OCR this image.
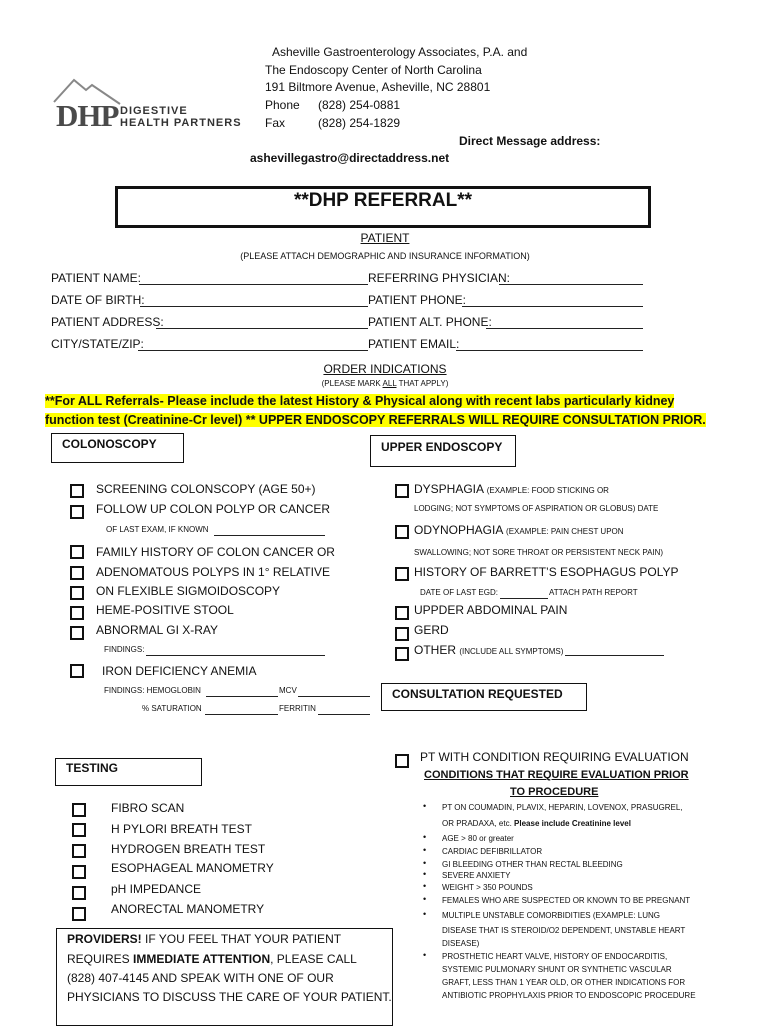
DHP DIGESTIVE
HEALTH PARTNERS
Asheville Gastroenterology Associates, P.A. and
The Endoscopy Center of North Carolina
191 Biltmore Avenue, Asheville, NC 28801
Phone (828) 254-0881
Fax	(828) 254-1829
Direct Message address:
ashevillegastro@directaddress.net
**DHP REFERRAL**
PATIENT
(PLEASE ATTACH DEMOGRAPHIC AND INSURANCE INFORMATION)
PATIENT NAME:	REFERRING PHYSICIAN:
DATE OF BIRTH:	PATIENT PHONE:
PATIENT ADDRESS:	PATIENT ALT. PHONE:
CITY/STATE/ZIP:	PATIENT EMAIL:
ORDER INDICATIONS
(PLEASE MARK ALL THAT APPLY)
**For ALL Referrals- Please include the latest History & Physical along with recent labs particularly kidney
function test (Creatinine-Cr level) ** UPPER ENDOSCOPY REFERRALS WILL REQUIRE CONSULTATION PRIOR.
COLONOSCOPY
SCREENING COLONSCOPY (AGE 50+)
FOLLOW UP COLON POLYP OR CANCER
OF LAST EXAM, IF KNOWN
FAMILY HISTORY OF COLON CANCER OR
ADENOMATOUS POLYPS IN 1° RELATIVE
ON FLEXIBLE SIGMOIDOSCOPY
HEME-POSITIVE STOOL
ABNORMAL GI X-RAY
FINDINGS:
IRON DEFICIENCY ANEMIA
FINDINGS: HEMOGLOBIN	MCV
% SATURATION	FERRITIN
UPPER ENDOSCOPY
DYSPHAGIA (EXAMPLE: FOOD STICKING OR
LODGING; NOT SYMPTOMS OF ASPIRATION OR GLOBUS) DATE
ODYNOPHAGIA (EXAMPLE: PAIN CHEST UPON
SWALLOWING; NOT SORE THROAT OR PERSISTENT NECK PAIN)
HISTORY OF BARRETT’S ESOPHAGUS POLYP
DATE OF LAST EGD:	ATTACH PATH REPORT
UPPDER ABDOMINAL PAIN
GERD
OTHER (INCLUDE ALL SYMPTOMS)
CONSULTATION REQUESTED
PT WITH CONDITION REQUIRING EVALUATION
CONDITIONS THAT REQUIRE EVALUATION PRIOR
TO PROCEDURE
• PT ON COUMADIN, PLAVIX, HEPARIN, LOVENOX, PRASUGREL,
OR PRADAXA, etc. Please include Creatinine level
• AGE > 80 or greater
• CARDIAC DEFIBRILLATOR
• GI BLEEDING OTHER THAN RECTAL BLEEDING
• SEVERE ANXIETY
• WEIGHT > 350 POUNDS
• FEMALES WHO ARE SUSPECTED OR KNOWN TO BE PREGNANT
• MULTIPLE UNSTABLE COMORBIDITIES (EXAMPLE: LUNG
DISEASE THAT IS STEROID/O2 DEPENDENT, UNSTABLE HEART
DISEASE)
• PROSTHETIC HEART VALVE, HISTORY OF ENDOCARDITIS,
SYSTEMIC PULMONARY SHUNT OR SYNTHETIC VASCULAR
GRAFT, LESS THAN 1 YEAR OLD, OR OTHER INDICATIONS FOR
ANTIBIOTIC PROPHYLAXIS PRIOR TO ENDOSCOPIC PROCEDURE
TESTING
FIBRO SCAN
H PYLORI BREATH TEST
HYDROGEN BREATH TEST
ESOPHAGEAL MANOMETRY
pH IMPEDANCE
ANORECTAL MANOMETRY
PROVIDERS! IF YOU FEEL THAT YOUR PATIENT
REQUIRES IMMEDIATE ATTENTION, PLEASE CALL
(828) 407-4145 AND SPEAK WITH ONE OF OUR
PHYSICIANS TO DISCUSS THE CARE OF YOUR PATIENT.
